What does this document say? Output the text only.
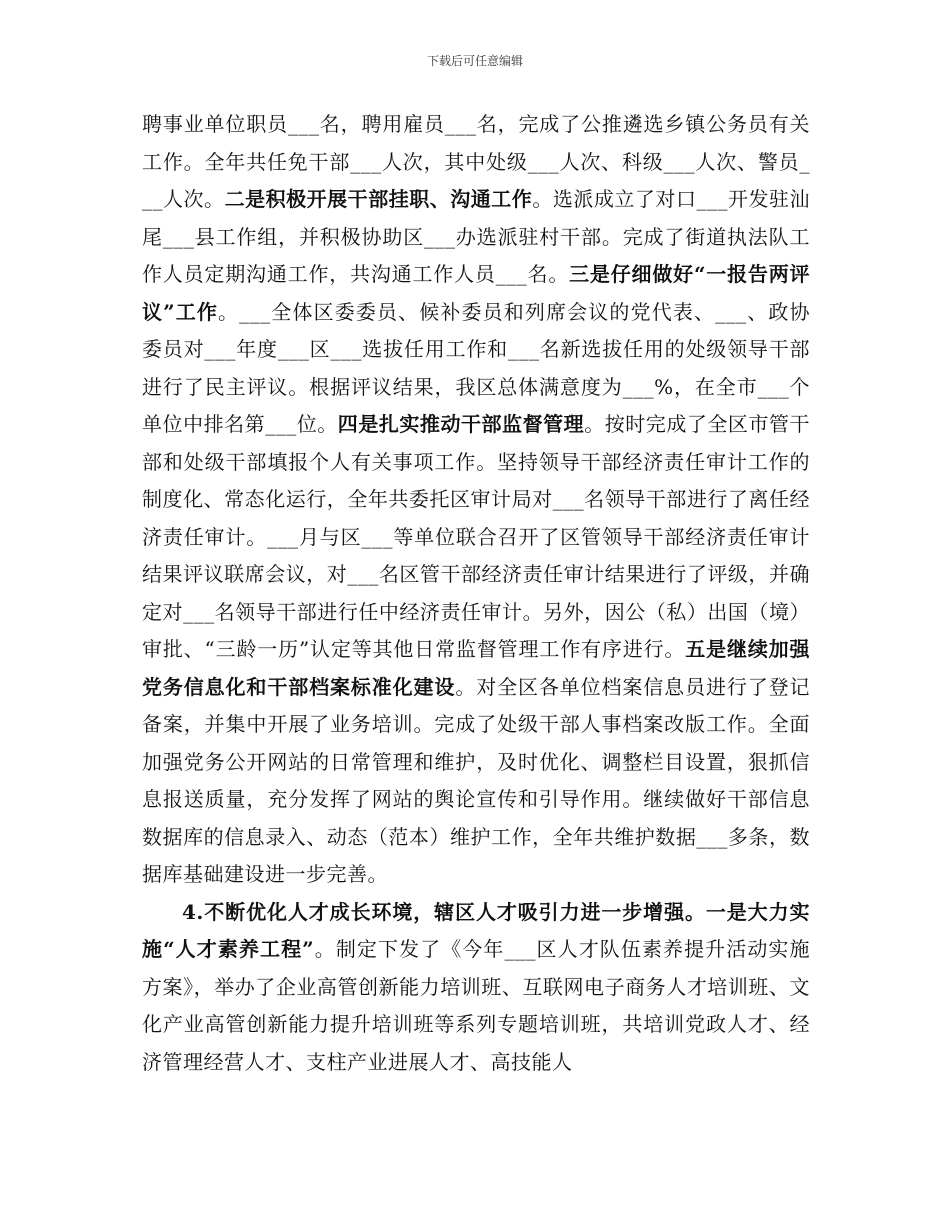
下载后可任意编辑

聘事业单位职员___名，聘用雇员___名，完成了公推遴选乡镇公务员有关工作。全年共任免干部___人次，其中处级___人次、科级___人次、警员___人次。二是积极开展干部挂职、沟通工作。选派成立了对口___开发驻汕尾___县工作组，并积极协助区___办选派驻村干部。完成了街道执法队工作人员定期沟通工作，共沟通工作人员___名。三是仔细做好“一报告两评议”工作。___全体区委委员、候补委员和列席会议的党代表、___、政协委员对___年度___区___选拔任用工作和___名新选拔任用的处级领导干部进行了民主评议。根据评议结果，我区总体满意度为___%，在全市___个单位中排名第___位。四是扎实推动干部监督管理。按时完成了全区市管干部和处级干部填报个人有关事项工作。坚持领导干部经济责任审计工作的制度化、常态化运行，全年共委托区审计局对___名领导干部进行了离任经济责任审计。___月与区___等单位联合召开了区管领导干部经济责任审计结果评议联席会议，对___名区管干部经济责任审计结果进行了评级，并确定对___名领导干部进行任中经济责任审计。另外，因公（私）出国（境）审批、“三龄一历”认定等其他日常监督管理工作有序进行。五是继续加强党务信息化和干部档案标准化建设。对全区各单位档案信息员进行了登记备案，并集中开展了业务培训。完成了处级干部人事档案改版工作。全面加强党务公开网站的日常管理和维护，及时优化、调整栏目设置，狠抓信息报送质量，充分发挥了网站的舆论宣传和引导作用。继续做好干部信息数据库的信息录入、动态（范本）维护工作，全年共维护数据___多条，数据库基础建设进一步完善。

4.不断优化人才成长环境，辖区人才吸引力进一步增强。一是大力实施“人才素养工程”。制定下发了《今年___区人才队伍素养提升活动实施方案》，举办了企业高管创新能力培训班、互联网电子商务人才培训班、文化产业高管创新能力提升培训班等系列专题培训班，共培训党政人才、经济管理经营人才、支柱产业进展人才、高技能人
